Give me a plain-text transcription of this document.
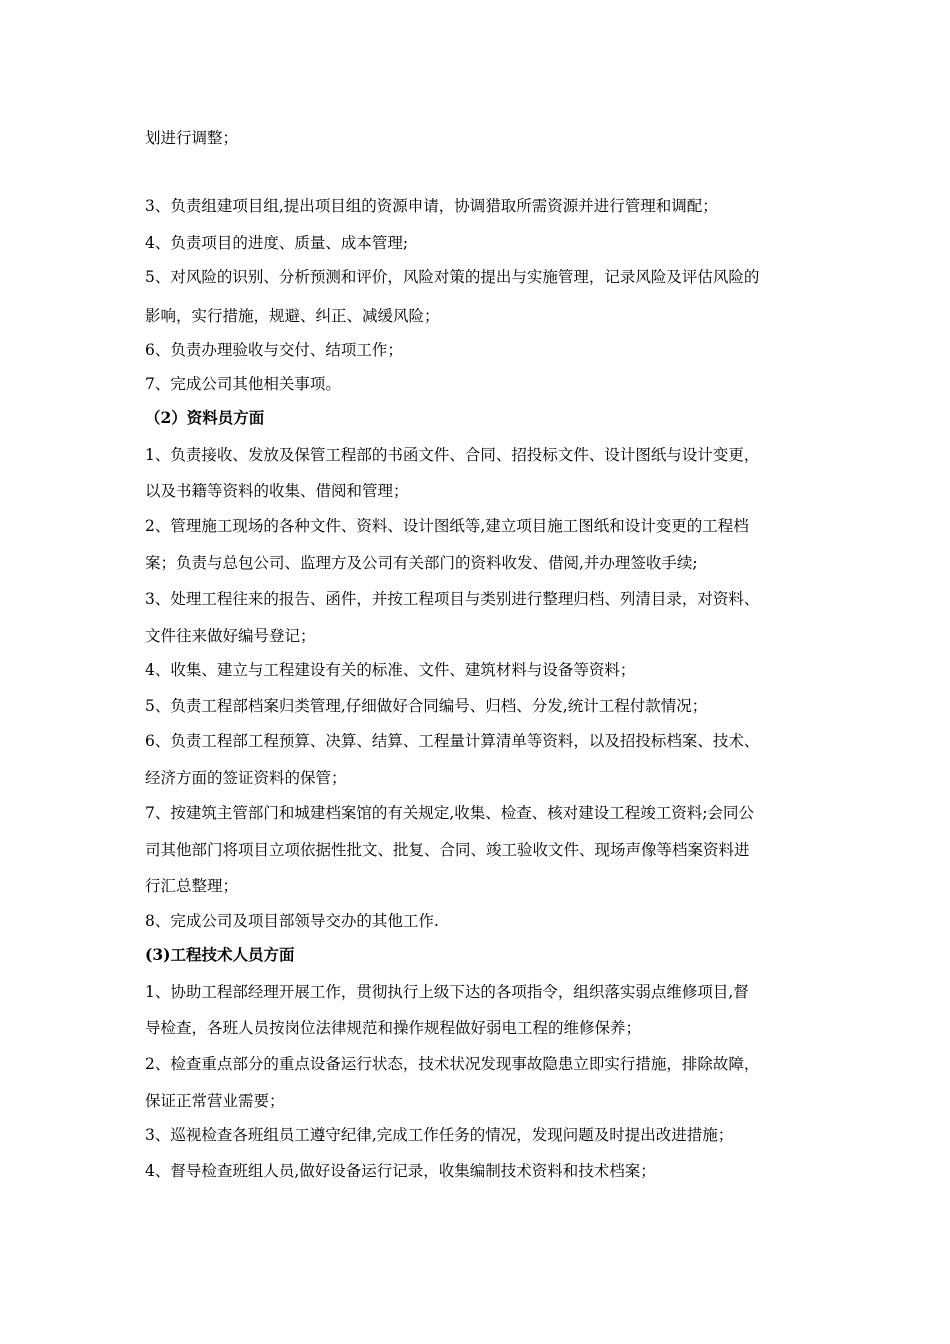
划进行调整；
3、负责组建项目组,提出项目组的资源申请，协调猎取所需资源并进行管理和调配；
4、负责项目的进度、质量、成本管理;
5、对风险的识别、分析预测和评价，风险对策的提出与实施管理，记录风险及评估风险的
影响，实行措施，规避、纠正、减缓风险；
6、负责办理验收与交付、结项工作；
7、完成公司其他相关事项。
（2）资料员方面
1、负责接收、发放及保管工程部的书函文件、合同、招投标文件、设计图纸与设计变更，
以及书籍等资料的收集、借阅和管理；
2、管理施工现场的各种文件、资料、设计图纸等,建立项目施工图纸和设计变更的工程档
案；负责与总包公司、监理方及公司有关部门的资料收发、借阅,并办理签收手续;
3、处理工程往来的报告、函件，并按工程项目与类别进行整理归档、列清目录，对资料、
文件往来做好编号登记；
4、收集、建立与工程建设有关的标准、文件、建筑材料与设备等资料；
5、负责工程部档案归类管理,仔细做好合同编号、归档、分发,统计工程付款情况；
6、负责工程部工程预算、决算、结算、工程量计算清单等资料，以及招投标档案、技术、
经济方面的签证资料的保管；
7、按建筑主管部门和城建档案馆的有关规定,收集、检查、核对建设工程竣工资料;会同公
司其他部门将项目立项依据性批文、批复、合同、竣工验收文件、现场声像等档案资料进
行汇总整理；
8、完成公司及项目部领导交办的其他工作.
(3)工程技术人员方面
1、协助工程部经理开展工作，贯彻执行上级下达的各项指令，组织落实弱点维修项目,督
导检查，各班人员按岗位法律规范和操作规程做好弱电工程的维修保养；
2、检查重点部分的重点设备运行状态，技术状况发现事故隐患立即实行措施，排除故障，
保证正常营业需要；
3、巡视检查各班组员工遵守纪律,完成工作任务的情况，发现问题及时提出改进措施；
4、督导检查班组人员,做好设备运行记录，收集编制技术资料和技术档案；
